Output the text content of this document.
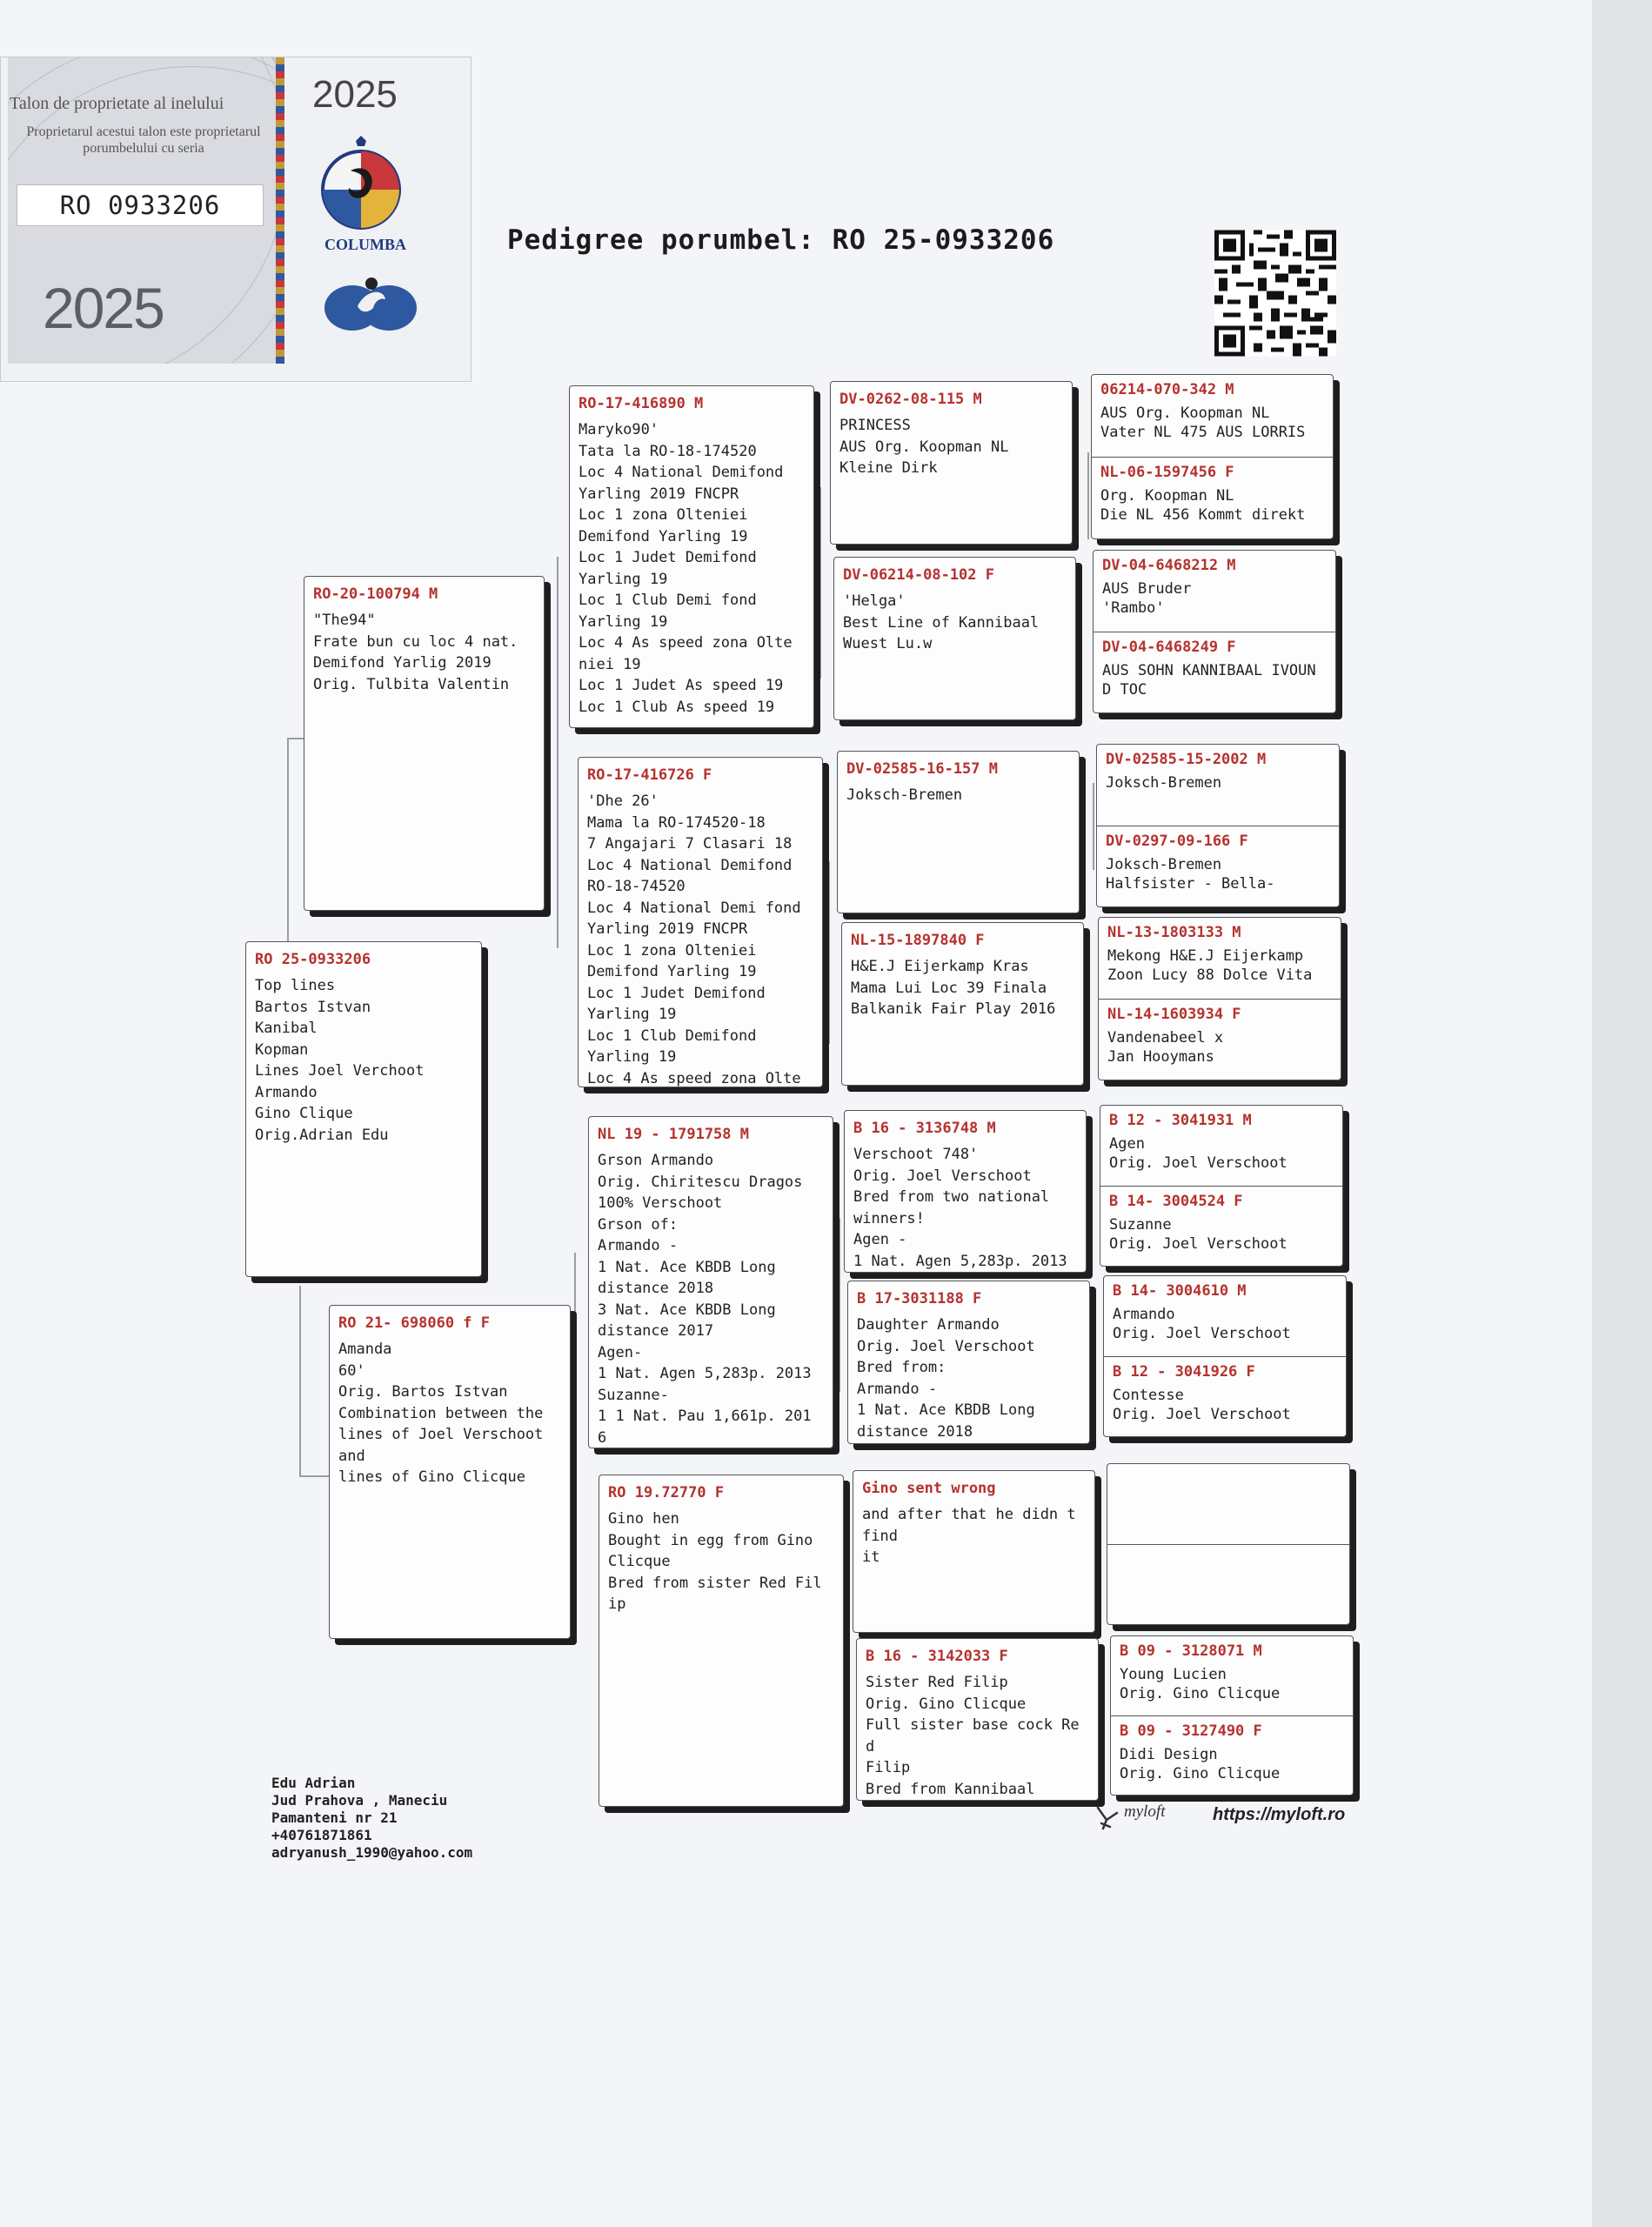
Talon de proprietate al inelului
Proprietarul acestui talon este proprietarul porumbelului cu seria
RO 0933206
2025
2025
COLUMBA	Pedigree porumbel: RO 25-0933206
RO 25-0933206
Top lines
Bartos Istvan
Kanibal
Kopman
Lines Joel Verchoot
Armando
Gino Clique
Orig.Adrian Edu
RO-20-100794 M
"The94"
Frate bun cu loc 4 nat.
Demifond Yarlig 2019
Orig. Tulbita Valentin
RO 21- 698060 f F
Amanda
60'
Orig. Bartos Istvan
Combination between the
lines of Joel Verschoot
and
lines of Gino Clicque
RO-17-416890 M
Maryko90'
Tata la RO-18-174520
Loc 4 National Demifond
Yarling 2019 FNCPR
Loc 1 zona Olteniei
Demifond Yarling 19
Loc 1 Judet Demifond
Yarling 19
Loc 1 Club Demi fond
Yarling 19
Loc 4 As speed zona Olte
niei 19
Loc 1 Judet As speed 19
Loc 1 Club As speed 19
RO-17-416726 F
'Dhe 26'
Mama la RO-174520-18
7 Angajari 7 Clasari 18
Loc 4 National Demifond
RO-18-74520
Loc 4 National Demi fond
Yarling 2019 FNCPR
Loc 1 zona Olteniei
Demifond Yarling 19
Loc 1 Judet Demifond
Yarling 19
Loc 1 Club Demifond
Yarling 19
Loc 4 As speed zona Olte
NL 19 - 1791758 M
Grson Armando
Orig. Chiritescu Dragos
100% Verschoot
Grson of:
Armando -
1 Nat. Ace KBDB Long
distance 2018
3 Nat. Ace KBDB Long
distance 2017
Agen-
1 Nat. Agen 5,283p. 2013
Suzanne-
1 1 Nat. Pau 1,661p. 201
6
RO 19.72770 F
Gino hen
Bought in egg from Gino
Clicque
Bred from sister Red Fil
ip
DV-0262-08-115 M
PRINCESS
AUS Org. Koopman NL
Kleine Dirk
DV-06214-08-102 F
'Helga'
Best Line of Kannibaal
Wuest Lu.w
DV-02585-16-157 M
Joksch-Bremen
NL-15-1897840 F
H&E.J Eijerkamp Kras
Mama Lui Loc 39 Finala
Balkanik Fair Play 2016
B 16 - 3136748 M
Verschoot 748'
Orig. Joel Verschoot
Bred from two national
winners!
Agen -
1 Nat. Agen 5,283p. 2013
B 17-3031188 F
Daughter Armando
Orig. Joel Verschoot
Bred from:
Armando -
1 Nat. Ace KBDB Long
distance 2018
Gino sent wrong
and after that he didn t
find
it
B 16 - 3142033 F
Sister Red Filip
Orig. Gino Clicque
Full sister base cock Re
d
Filip
Bred from Kannibaal
06214-070-342 M
AUS Org. Koopman NL
Vater NL 475 AUS LORRIS
NL-06-1597456 F
Org. Koopman NL
Die NL 456 Kommt direkt
DV-04-6468212 M
AUS Bruder
'Rambo'
DV-04-6468249 F
AUS SOHN KANNIBAAL IVOUN
D TOC
DV-02585-15-2002 M
Joksch-Bremen
DV-0297-09-166 F
Joksch-Bremen
Halfsister - Bella-
NL-13-1803133 M
Mekong H&E.J Eijerkamp
Zoon Lucy 88 Dolce Vita
NL-14-1603934 F
Vandenabeel x
Jan Hooymans
B 12 - 3041931 M
Agen
Orig. Joel Verschoot
B 14- 3004524 F
Suzanne
Orig. Joel Verschoot
B 14- 3004610 M
Armando
Orig. Joel Verschoot
B 12 - 3041926 F
Contesse
Orig. Joel Verschoot
B 09 - 3128071 M
Young Lucien
Orig. Gino Clicque
B 09 - 3127490 F
Didi Design
Orig. Gino Clicque
Edu Adrian
Jud Prahova , Maneciu
Pamanteni nr 21
+40761871861
adryanush_1990@yahoo.com
myloft	https://myloft.ro
